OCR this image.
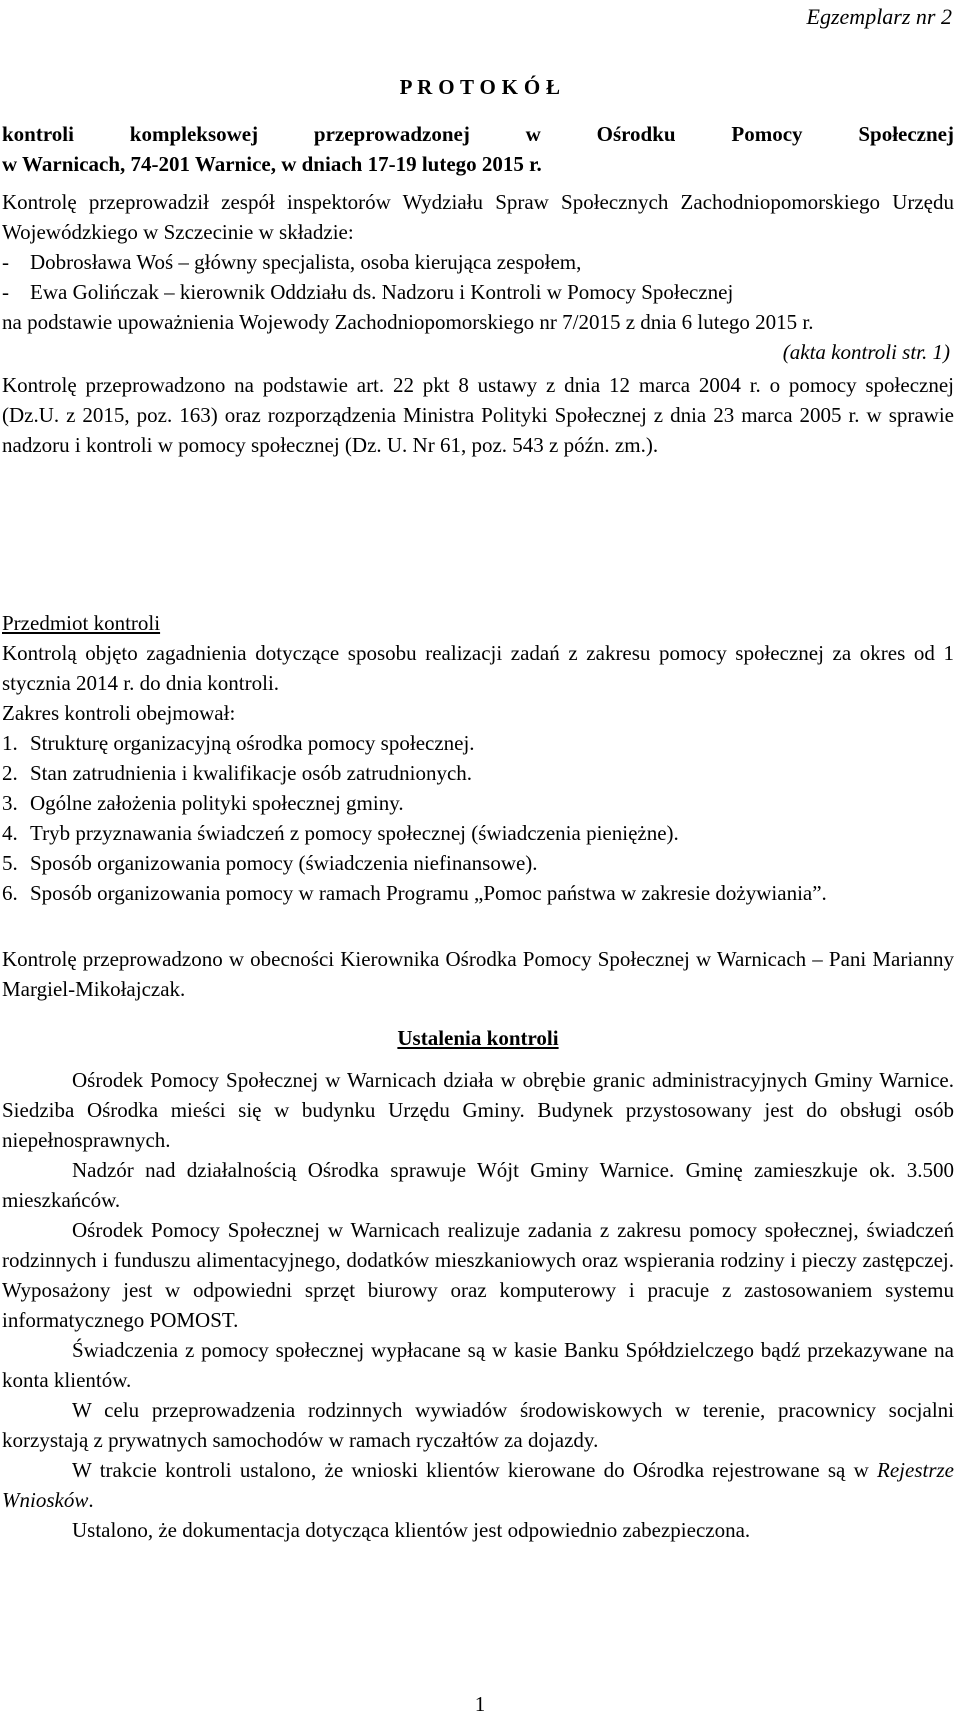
Egzemplarz nr 2
P R O T O K Ó Ł

kontroli kompleksowej przeprowadzonej w Ośrodku Pomocy Społecznej

w Warnicach, 74-201 Warnice, w dniach 17-19 lutego 2015 r.

Kontrolę przeprowadził zespół inspektorów Wydziału Spraw Społecznych Zachodniopomorskiego Urzędu Wojewódzkiego w Szczecinie w składzie:

- Dobrosława Woś – główny specjalista, osoba kierująca zespołem,
- Ewa Golińczak – kierownik Oddziału ds. Nadzoru i Kontroli w Pomocy Społecznej

na podstawie upoważnienia Wojewody Zachodniopomorskiego nr 7/2015 z dnia 6 lutego 2015 r.

(akta kontroli str. 1)

Kontrolę przeprowadzono na podstawie art. 22 pkt 8 ustawy z dnia 12 marca 2004 r. o pomocy społecznej (Dz.U. z 2015, poz. 163) oraz rozporządzenia Ministra Polityki Społecznej z dnia 23 marca 2005 r. w sprawie nadzoru i kontroli w pomocy społecznej (Dz. U. Nr 61, poz. 543 z późn. zm.).

Przedmiot kontroli

Kontrolą objęto zagadnienia dotyczące sposobu realizacji zadań z zakresu pomocy społecznej za okres od 1 stycznia 2014 r. do dnia kontroli.

Zakres kontroli obejmował:

1. Strukturę organizacyjną ośrodka pomocy społecznej.
2. Stan zatrudnienia i kwalifikacje osób zatrudnionych.
3. Ogólne założenia polityki społecznej gminy.
4. Tryb przyznawania świadczeń z pomocy społecznej (świadczenia pieniężne).
5. Sposób organizowania pomocy (świadczenia niefinansowe).
6. Sposób organizowania pomocy w ramach Programu „Pomoc państwa w zakresie dożywiania”.

Kontrolę przeprowadzono w obecności Kierownika Ośrodka Pomocy Społecznej w Warnicach – Pani Marianny Margiel-Mikołajczak.

Ustalenia kontroli

Ośrodek Pomocy Społecznej w Warnicach działa w obrębie granic administracyjnych Gminy Warnice. Siedziba Ośrodka mieści się w budynku Urzędu Gminy. Budynek przystosowany jest do obsługi osób niepełnosprawnych.

Nadzór nad działalnością Ośrodka sprawuje Wójt Gminy Warnice. Gminę zamieszkuje ok. 3.500 mieszkańców.

Ośrodek Pomocy Społecznej w Warnicach realizuje zadania z zakresu pomocy społecznej, świadczeń rodzinnych i funduszu alimentacyjnego, dodatków mieszkaniowych oraz wspierania rodziny i pieczy zastępczej. Wyposażony jest w odpowiedni sprzęt biurowy oraz komputerowy i pracuje z zastosowaniem systemu informatycznego POMOST.

Świadczenia z pomocy społecznej wypłacane są w kasie Banku Spółdzielczego bądź przekazywane na konta klientów.

W celu przeprowadzenia rodzinnych wywiadów środowiskowych w terenie, pracownicy socjalni korzystają z prywatnych samochodów w ramach ryczałtów za dojazdy.

W trakcie kontroli ustalono, że wnioski klientów kierowane do Ośrodka rejestrowane są w Rejestrze Wniosków.

Ustalono, że dokumentacja dotycząca klientów jest odpowiednio zabezpieczona.

1
